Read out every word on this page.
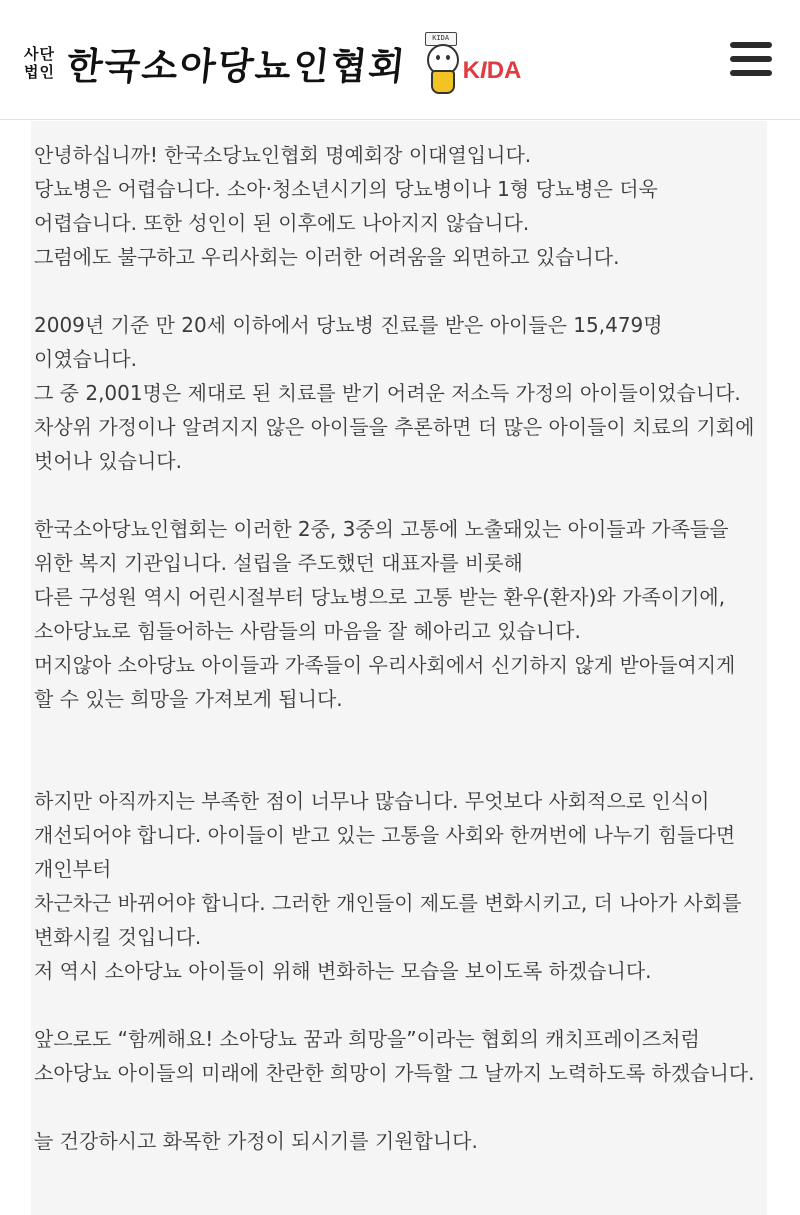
사단
법인 한국소아당뇨인협회
KIDA
KIDA
안녕하십니까! 한국소당뇨인협회 명예회장 이대열입니다.
당뇨병은 어렵습니다. 소아·청소년시기의 당뇨병이나 1형 당뇨병은 더욱
어렵습니다. 또한 성인이 된 이후에도 나아지지 않습니다.
그럼에도 불구하고 우리사회는 이러한 어려움을 외면하고 있습니다.
2009년 기준 만 20세 이하에서 당뇨병 진료를 받은 아이들은 15,479명
이였습니다.
그 중 2,001명은 제대로 된 치료를 받기 어려운 저소득 가정의 아이들이었습니다.
차상위 가정이나 알려지지 않은 아이들을 추론하면 더 많은 아이들이 치료의 기회에
벗어나 있습니다.
한국소아당뇨인협회는 이러한 2중, 3중의 고통에 노출돼있는 아이들과 가족들을
위한 복지 기관입니다. 설립을 주도했던 대표자를 비롯해
다른 구성원 역시 어린시절부터 당뇨병으로 고통 받는 환우(환자)와 가족이기에,
소아당뇨로 힘들어하는 사람들의 마음을 잘 헤아리고 있습니다.
머지않아 소아당뇨 아이들과 가족들이 우리사회에서 신기하지 않게 받아들여지게
할 수 있는 희망을 가져보게 됩니다.
하지만 아직까지는 부족한 점이 너무나 많습니다. 무엇보다 사회적으로 인식이
개선되어야 합니다. 아이들이 받고 있는 고통을 사회와 한꺼번에 나누기 힘들다면
개인부터
차근차근 바뀌어야 합니다. 그러한 개인들이 제도를 변화시키고, 더 나아가 사회를
변화시킬 것입니다.
저 역시 소아당뇨 아이들이 위해 변화하는 모습을 보이도록 하겠습니다.
앞으로도 “함께해요! 소아당뇨 꿈과 희망을”이라는 협회의 캐치프레이즈처럼
소아당뇨 아이들의 미래에 찬란한 희망이 가득할 그 날까지 노력하도록 하겠습니다.
늘 건강하시고 화목한 가정이 되시기를 기원합니다.
